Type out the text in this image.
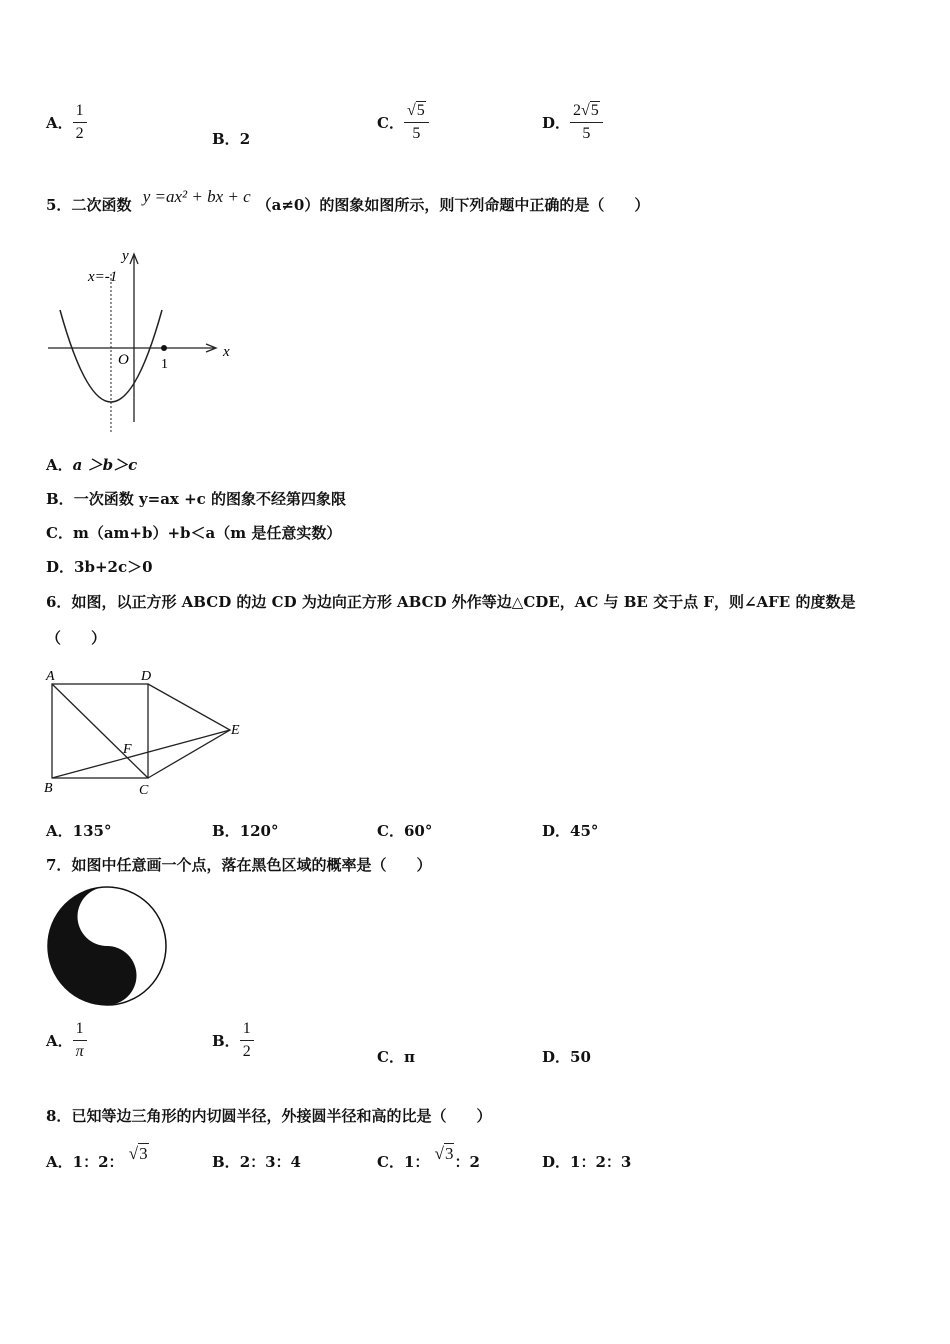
A． $\frac{1}{2}$	B．2
C． $\frac{√5}{5}$	D． $\frac{2√5}{5}$
5．二次函数 y =ax² + bx + c （a≠0）的图象如图所示，则下列命题中正确的是（　　）
y
x
x=-1
O 1
A．a ＞b＞c
B．一次函数 y=ax +c 的图象不经第四象限
C．m（am+b）+b＜a（m 是任意实数）
D．3b+2c＞0
6．如图，以正方形 ABCD 的边 CD 为边向正方形 ABCD 外作等边△CDE，AC 与 BE 交于点 F，则∠AFE 的度数是
（　　）
A	D
B	C
E
F
A．135°	B．120°	C．60°	D．45°
7．如图中任意画一个点，落在黑色区域的概率是（　　）
A． $\frac{1}{\pi}$	B． $\frac{1}{2}$	C．π	D．50
8．已知等边三角形的内切圆半径，外接圆半径和高的比是（　　）
A．1：2： √3	B．2：3：4	C．1： √3：2	D．1：2：3
